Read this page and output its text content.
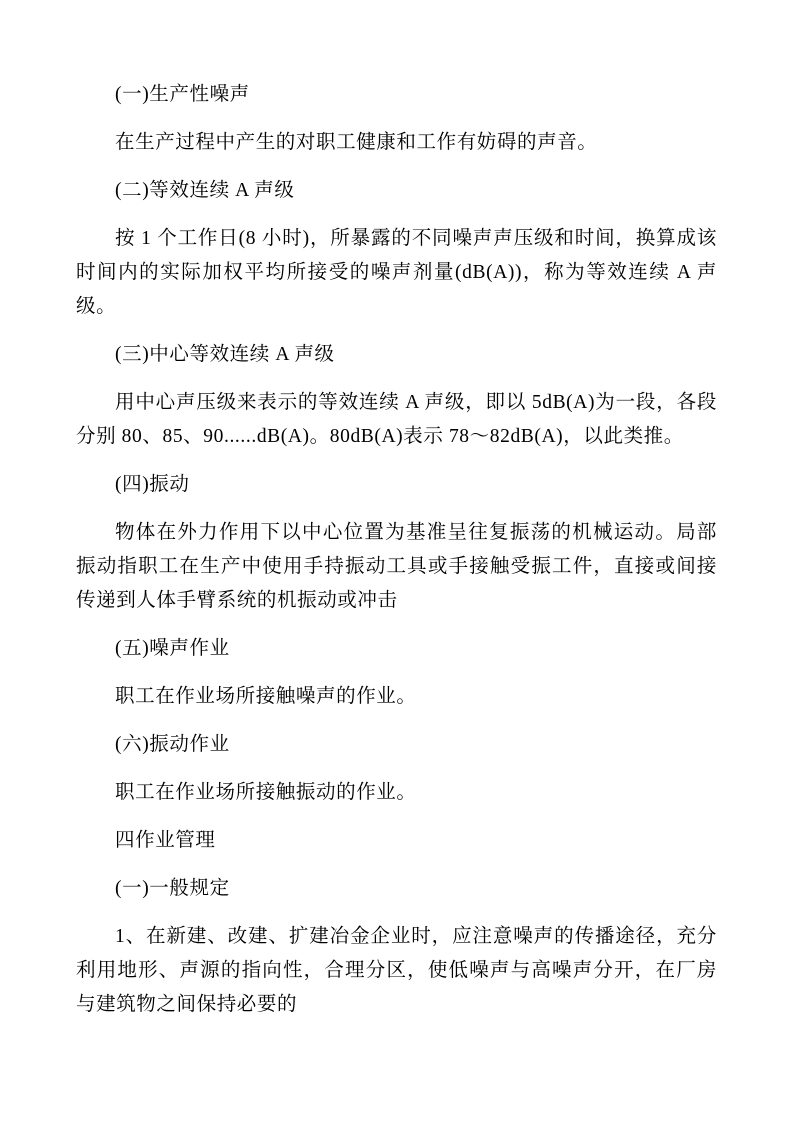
(一)生产性噪声

在生产过程中产生的对职工健康和工作有妨碍的声音。

(二)等效连续 A 声级

按 1 个工作日(8 小时)，所暴露的不同噪声声压级和时间，换算成该时间内的实际加权平均所接受的噪声剂量(dB(A))，称为等效连续 A 声级。

(三)中心等效连续 A 声级

用中心声压级来表示的等效连续 A 声级，即以 5dB(A)为一段，各段分别 80、85、90......dB(A)。80dB(A)表示 78～82dB(A)，以此类推。

(四)振动

物体在外力作用下以中心位置为基准呈往复振荡的机械运动。局部振动指职工在生产中使用手持振动工具或手接触受振工件，直接或间接传递到人体手臂系统的机振动或冲击

(五)噪声作业

职工在作业场所接触噪声的作业。

(六)振动作业

职工在作业场所接触振动的作业。

四作业管理

(一)一般规定

1、在新建、改建、扩建冶金企业时，应注意噪声的传播途径，充分利用地形、声源的指向性，合理分区，使低噪声与高噪声分开，在厂房与建筑物之间保持必要的
